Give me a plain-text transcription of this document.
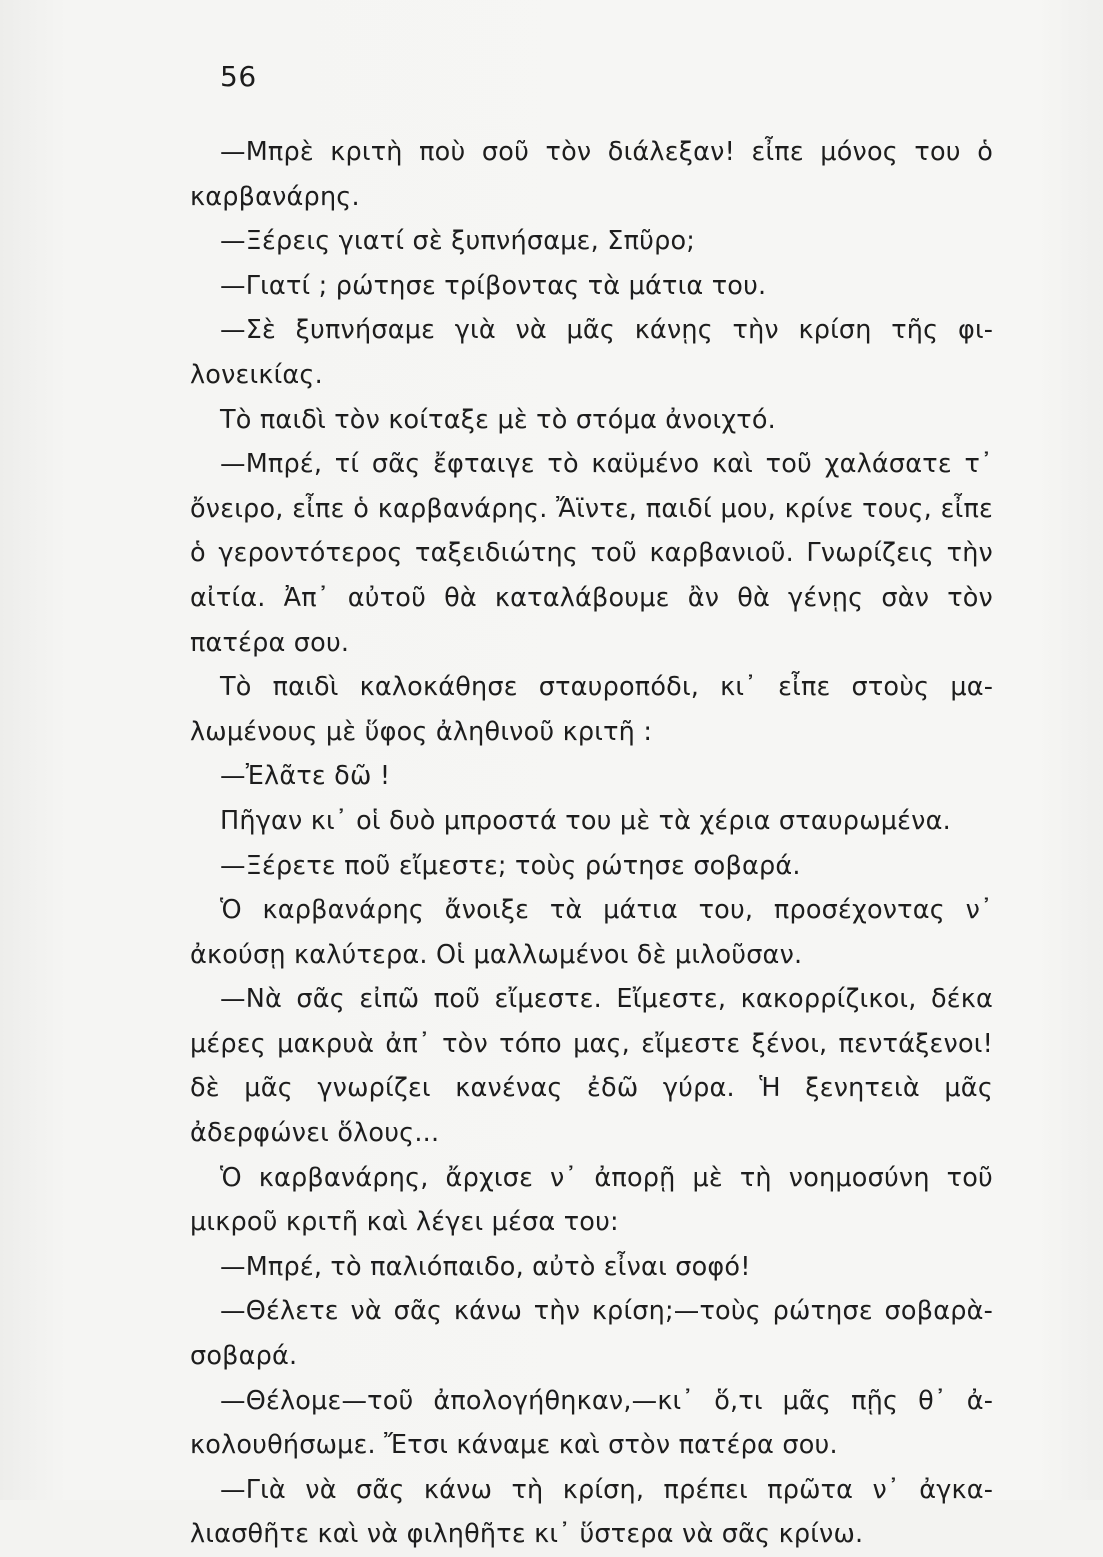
56

—Μπρὲ κριτὴ ποὺ σοῦ τὸν διάλεξαν! εἶπε μόνος του ὁ καρβανάρης.

—Ξέρεις γιατί σὲ ξυπνήσαμε, Σπῦρο;

—Γιατί ; ρώτησε τρίβοντας τὰ μάτια του.

—Σὲ ξυπνήσαμε γιὰ νὰ μᾶς κάνῃς τὴν κρίση τῆς φιλονεικίας.

Τὸ παιδὶ τὸν κοίταξε μὲ τὸ στόμα ἀνοιχτό.

—Μπρέ, τί σᾶς ἔφταιγε τὸ καϋμένο καὶ τοῦ χαλάσατε τ᾽ ὄνειρο, εἶπε ὁ καρβανάρης. Ἄϊντε, παιδί μου, κρίνε τους, εἶπε ὁ γεροντότερος ταξειδιώτης τοῦ καρβανιοῦ. Γνωρίζεις τὴν αἰτία. Ἀπ᾽ αὐτοῦ θὰ καταλάβουμε ἂν θὰ γένῃς σὰν τὸν πατέρα σου.

Τὸ παιδὶ καλοκάθησε σταυροπόδι, κι᾽ εἶπε στοὺς μαλωμένους μὲ ὕφος ἀληθινοῦ κριτῆ :

—Ἐλᾶτε δῶ !

Πῆγαν κι᾽ οἱ δυὸ μπροστά του μὲ τὰ χέρια σταυρωμένα.

—Ξέρετε ποῦ εἴμεστε; τοὺς ρώτησε σοβαρά.

Ὁ καρβανάρης ἄνοιξε τὰ μάτια του, προσέχοντας ν᾽ ἀκούσῃ καλύτερα. Οἱ μαλλωμένοι δὲ μιλοῦσαν.

—Νὰ σᾶς εἰπῶ ποῦ εἴμεστε. Εἴμεστε, κακορρίζικοι, δέκα μέρες μακρυὰ ἀπ᾽ τὸν τόπο μας, εἴμεστε ξένοι, πεντάξενοι! δὲ μᾶς γνωρίζει κανένας ἐδῶ γύρα. Ἡ ξενητειὰ μᾶς ἀδερφώνει ὅλους...

Ὁ καρβανάρης, ἄρχισε ν᾽ ἀπορῇ μὲ τὴ νοημοσύνη τοῦ μικροῦ κριτῆ καὶ λέγει μέσα του:

—Μπρέ, τὸ παλιόπαιδο, αὐτὸ εἶναι σοφό!

—Θέλετε νὰ σᾶς κάνω τὴν κρίση;—τοὺς ρώτησε σοβαρὰ-σοβαρά.

—Θέλομε—τοῦ ἀπολογήθηκαν,—κι᾽ ὅ,τι μᾶς πῇς θ᾽ ἀκολουθήσωμε. Ἔτσι κάναμε καὶ στὸν πατέρα σου.

—Γιὰ νὰ σᾶς κάνω τὴ κρίση, πρέπει πρῶτα ν᾽ ἀγκαλιασθῆτε καὶ νὰ φιληθῆτε κι᾽ ὕστερα νὰ σᾶς κρίνω.
